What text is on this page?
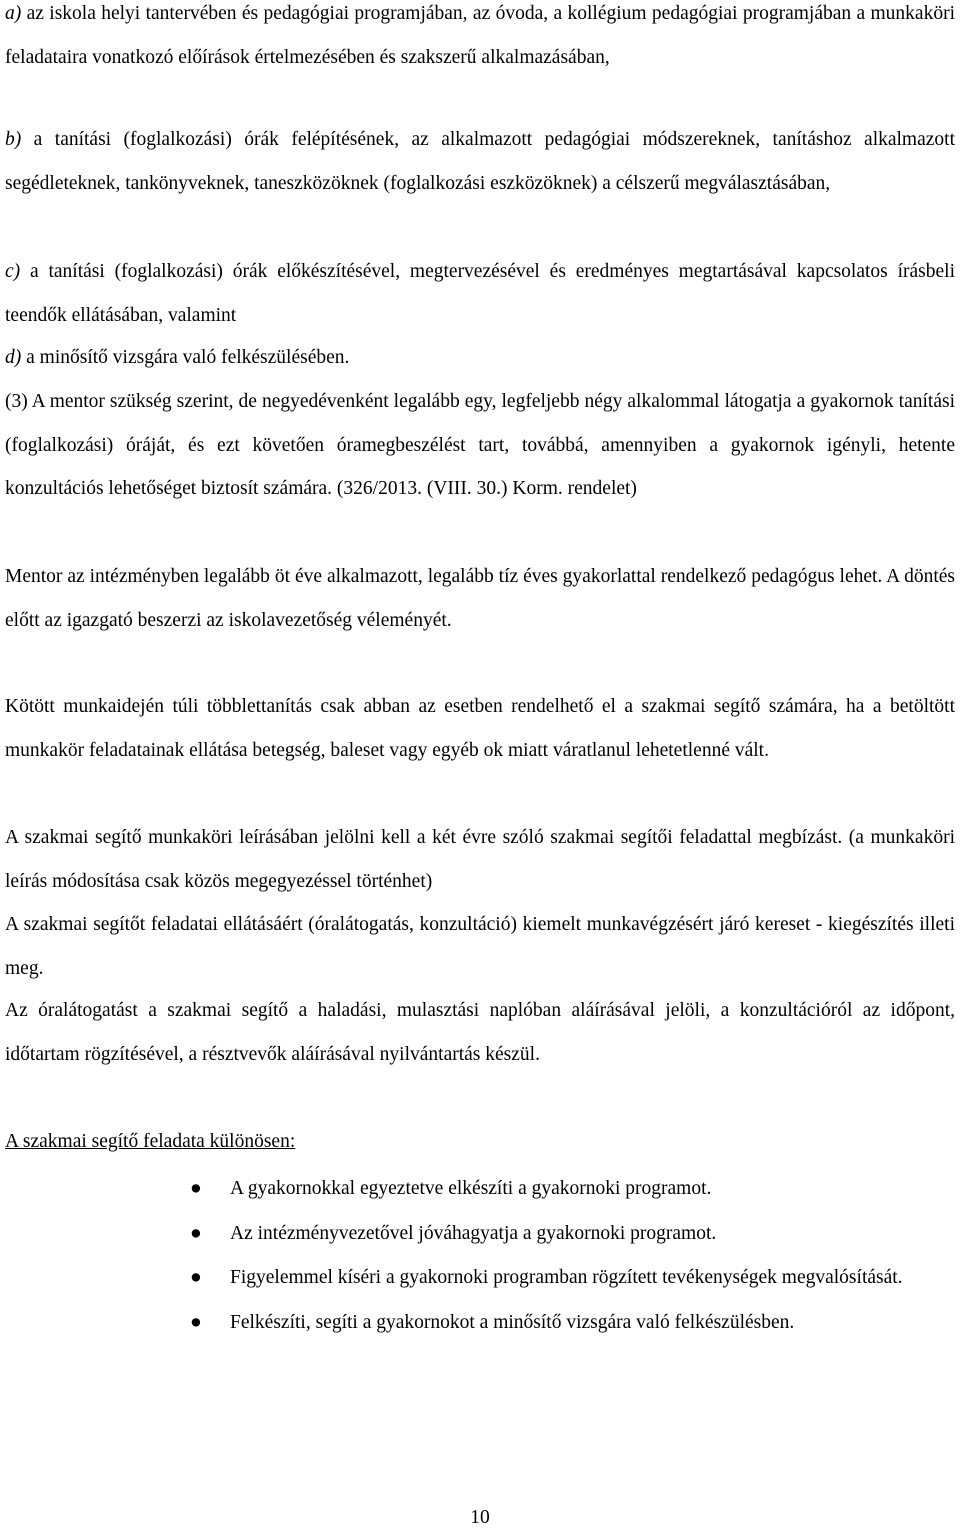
a) az iskola helyi tantervében és pedagógiai programjában, az óvoda, a kollégium pedagógiai programjában a munkaköri feladataira vonatkozó előírások értelmezésében és szakszerű alkalmazásában,

b) a tanítási (foglalkozási) órák felépítésének, az alkalmazott pedagógiai módszereknek, tanításhoz alkalmazott segédleteknek, tankönyveknek, taneszközöknek (foglalkozási eszközöknek) a célszerű megválasztásában,

c) a tanítási (foglalkozási) órák előkészítésével, megtervezésével és eredményes megtartásával kapcsolatos írásbeli teendők ellátásában, valamint

d) a minősítő vizsgára való felkészülésében.

(3) A mentor szükség szerint, de negyedévenként legalább egy, legfeljebb négy alkalommal látogatja a gyakornok tanítási (foglalkozási) óráját, és ezt követően óramegbeszélést tart, továbbá, amennyiben a gyakornok igényli, hetente konzultációs lehetőséget biztosít számára. (326/2013. (VIII. 30.) Korm. rendelet)

Mentor az intézményben legalább öt éve alkalmazott, legalább tíz éves gyakorlattal rendelkező pedagógus lehet. A döntés előtt az igazgató beszerzi az iskolavezetőség véleményét.

Kötött munkaidején túli többlettanítás csak abban az esetben rendelhető el a szakmai segítő számára, ha a betöltött munkakör feladatainak ellátása betegség, baleset vagy egyéb ok miatt váratlanul lehetetlenné vált.

A szakmai segítő munkaköri leírásában jelölni kell a két évre szóló szakmai segítői feladattal megbízást. (a munkaköri leírás módosítása csak közös megegyezéssel történhet)

A szakmai segítőt feladatai ellátásáért (óralátogatás, konzultáció) kiemelt munkavégzésért járó kereset - kiegészítés illeti meg.

Az óralátogatást a szakmai segítő a haladási, mulasztási naplóban aláírásával jelöli, a konzultációról az időpont, időtartam rögzítésével, a résztvevők aláírásával nyilvántartás készül.

A szakmai segítő feladata különösen:

● A gyakornokkal egyeztetve elkészíti a gyakornoki programot.
● Az intézményvezetővel jóváhagyatja a gyakornoki programot.
● Figyelemmel kíséri a gyakornoki programban rögzített tevékenységek megvalósítását.
● Felkészíti, segíti a gyakornokot a minősítő vizsgára való felkészülésben.
10
